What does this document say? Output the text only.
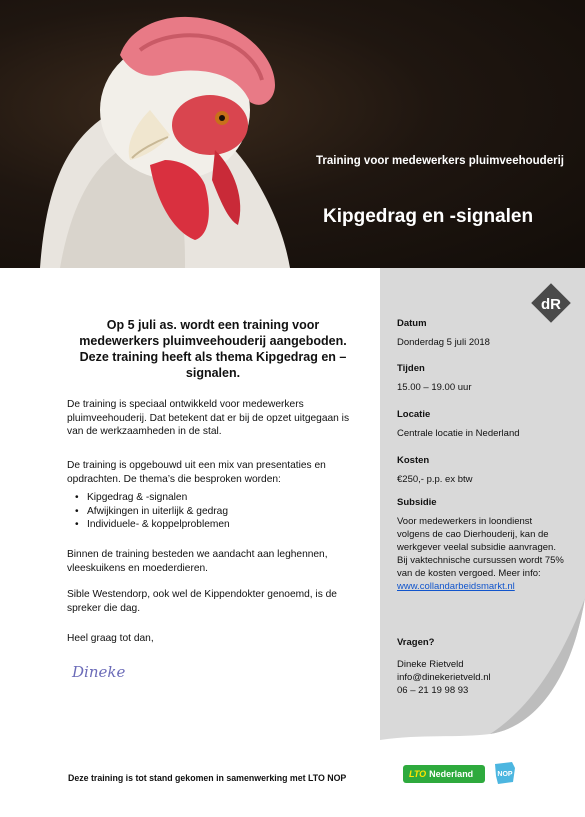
Training voor medewerkers pluimveehouderij
Kipgedrag en -signalen
dR
Datum
Donderdag 5 juli 2018
Tijden
15.00 – 19.00 uur
Locatie
Centrale locatie in Nederland
Kosten
€250,- p.p. ex btw
Subsidie
Voor medewerkers in loondienst volgens de cao Dierhouderij, kan de werkgever veelal subsidie aanvragen.
Bij vaktechnische cursussen wordt 75% van de kosten vergoed. Meer info:
www.collandarbeidsmarkt.nl
Vragen?
Dineke Rietveld
info@dinekerietveld.nl
06 – 21 19 98 93
Op 5 juli as. wordt een training voor medewerkers pluimveehouderij aangeboden. Deze training heeft als thema Kipgedrag en – signalen.
De training is speciaal ontwikkeld voor medewerkers pluimveehouderij. Dat betekent dat er bij de opzet uitgegaan is van de werkzaamheden in de stal.
De training is opgebouwd uit een mix van presentaties en opdrachten. De thema’s die besproken worden:
• Kipgedrag & -signalen
• Afwijkingen in uiterlijk & gedrag
• Individuele- & koppelproblemen
Binnen de training besteden we aandacht aan leghennen, vleeskuikens en moederdieren.
Sible Westendorp, ook wel de Kippendokter genoemd, is de spreker die dag.
Heel graag tot dan,
Dineke
Deze training is tot stand gekomen in samenwerking met LTO NOP	LTO Nederland	NOP
